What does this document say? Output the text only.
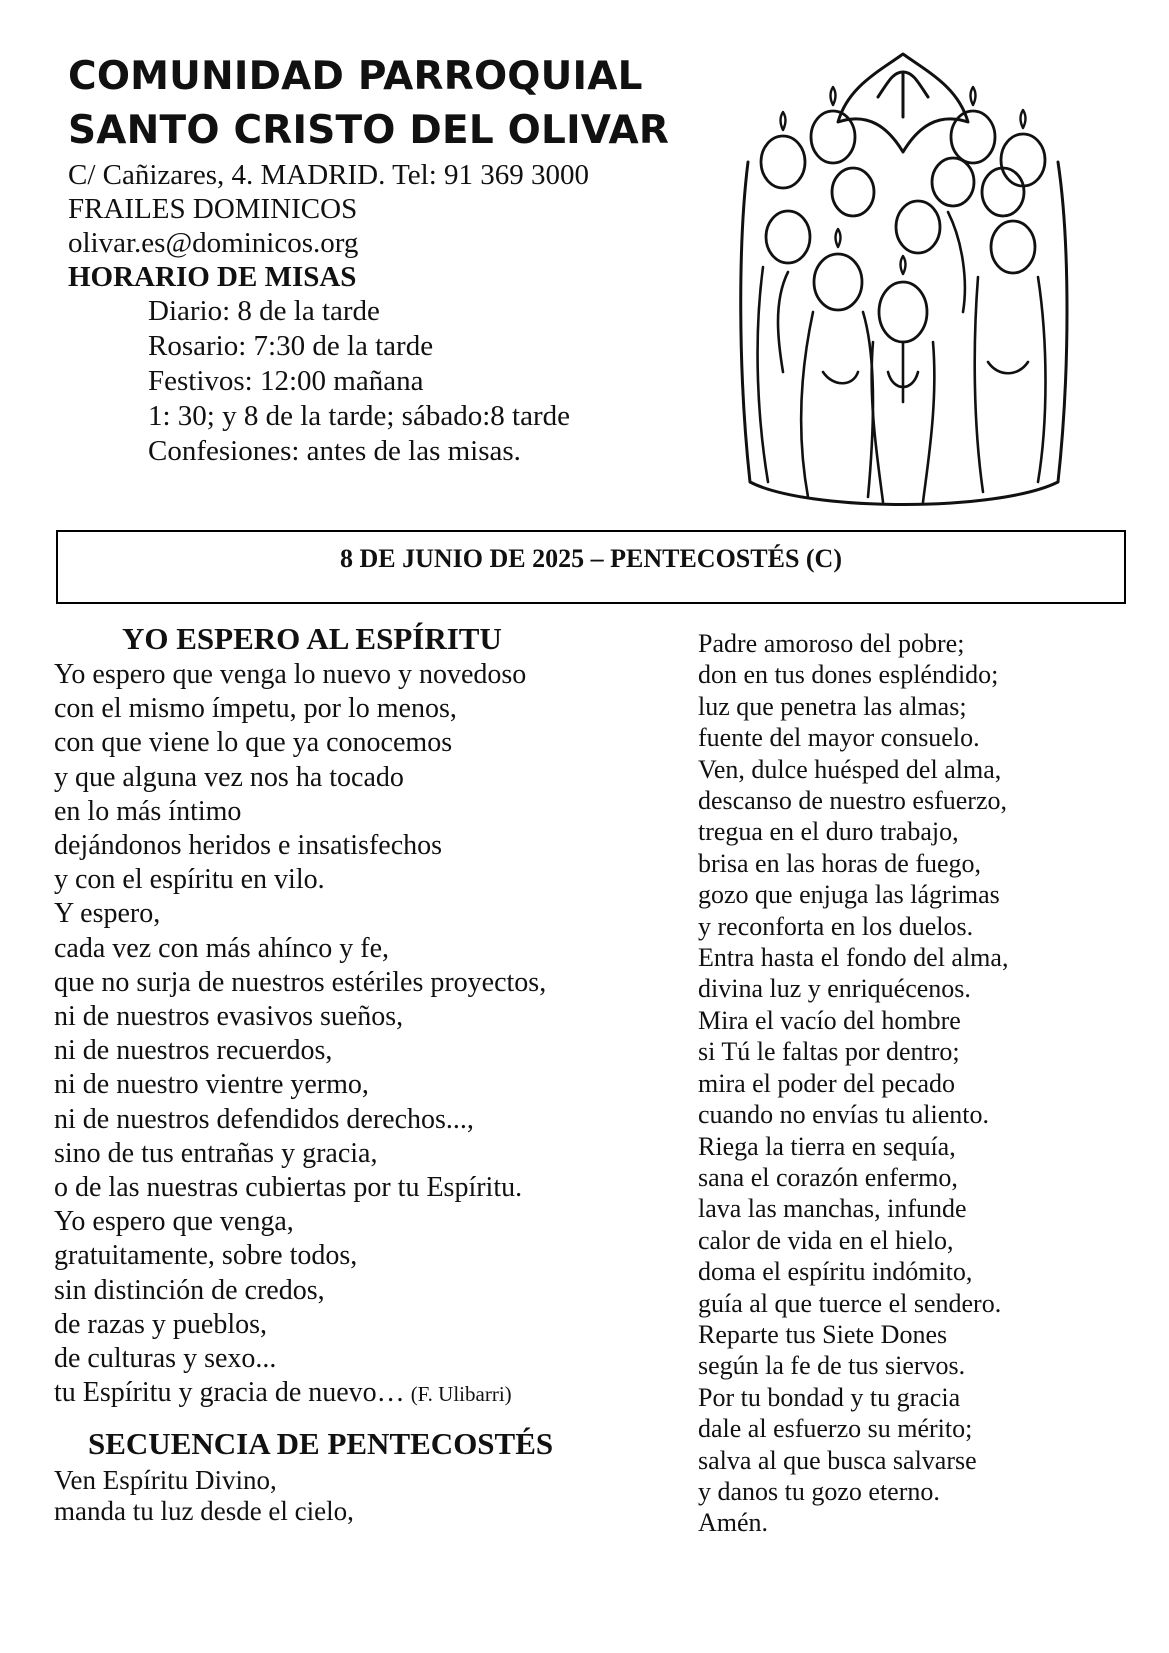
COMUNIDAD PARROQUIAL
SANTO CRISTO DEL OLIVAR
C/ Cañizares, 4. MADRID. Tel: 91 369 3000
FRAILES DOMINICOS
olivar.es@dominicos.org
HORARIO DE MISAS
Diario: 8 de la tarde
Rosario: 7:30 de la tarde
Festivos: 12:00 mañana
1: 30; y 8 de la tarde; sábado:8 tarde
Confesiones: antes de las misas.
8 DE JUNIO DE 2025 – PENTECOSTÉS (C)
YO ESPERO AL ESPÍRITU
Yo espero que venga lo nuevo y novedoso
con el mismo ímpetu, por lo menos,
con que viene lo que ya conocemos
y que alguna vez nos ha tocado
en lo más íntimo
dejándonos heridos e insatisfechos
y con el espíritu en vilo.
Y espero,
cada vez con más ahínco y fe,
que no surja de nuestros estériles proyectos,
ni de nuestros evasivos sueños,
ni de nuestros recuerdos,
ni de nuestro vientre yermo,
ni de nuestros defendidos derechos...,
sino de tus entrañas y gracia,
o de las nuestras cubiertas por tu Espíritu.
Yo espero que venga,
gratuitamente, sobre todos,
sin distinción de credos,
de razas y pueblos,
de culturas y sexo...
tu Espíritu y gracia de nuevo… (F. Ulibarri)
SECUENCIA DE PENTECOSTÉS
Ven Espíritu Divino,
manda tu luz desde el cielo,
Padre amoroso del pobre;
don en tus dones espléndido;
luz que penetra las almas;
fuente del mayor consuelo.
Ven, dulce huésped del alma,
descanso de nuestro esfuerzo,
tregua en el duro trabajo,
brisa en las horas de fuego,
gozo que enjuga las lágrimas
y reconforta en los duelos.
Entra hasta el fondo del alma,
divina luz y enriquécenos.
Mira el vacío del hombre
si Tú le faltas por dentro;
mira el poder del pecado
cuando no envías tu aliento.
Riega la tierra en sequía,
sana el corazón enfermo,
lava las manchas, infunde
calor de vida en el hielo,
doma el espíritu indómito,
guía al que tuerce el sendero.
Reparte tus Siete Dones
según la fe de tus siervos.
Por tu bondad y tu gracia
dale al esfuerzo su mérito;
salva al que busca salvarse
y danos tu gozo eterno.
Amén.
